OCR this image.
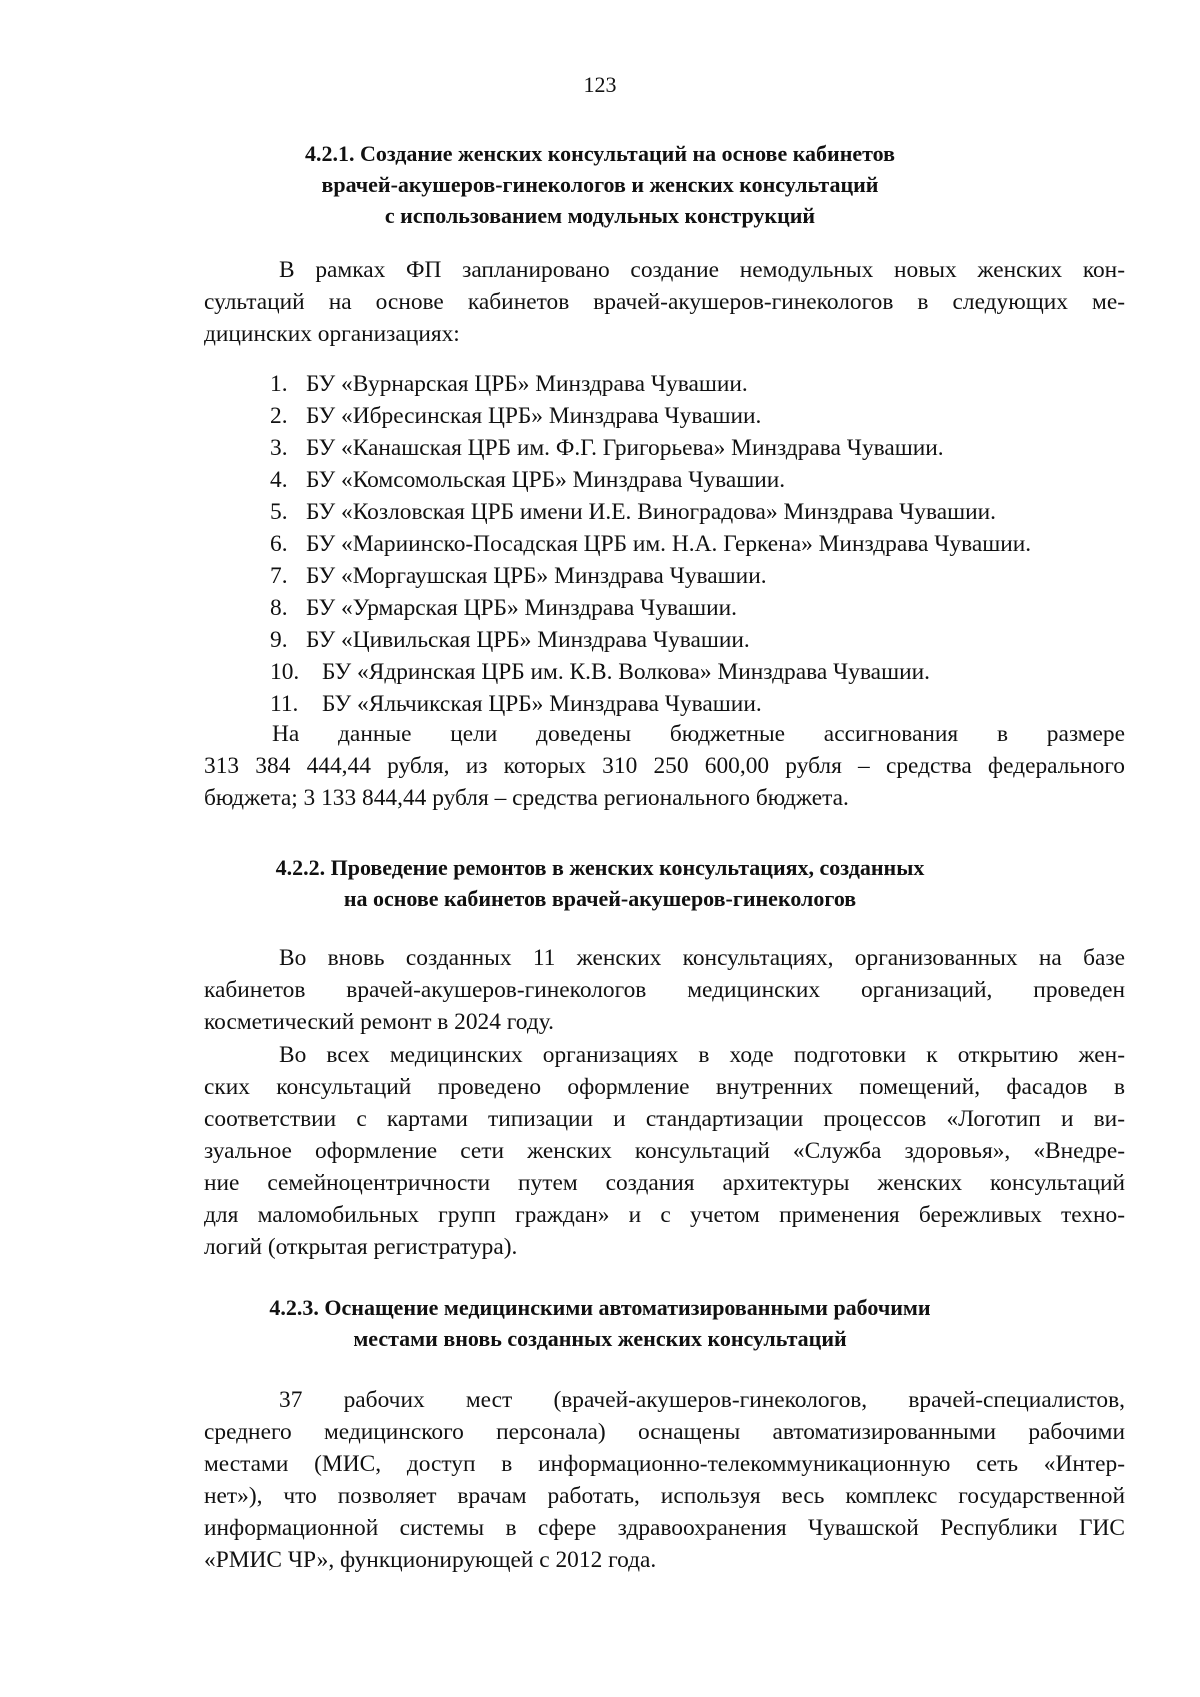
123
4.2.1. Создание женских консультаций на основе кабинетов
врачей-акушеров-гинекологов и женских консультаций
с использованием модульных конструкций

В рамках ФП запланировано создание немодульных новых женских кон-
сультаций на основе кабинетов врачей-акушеров-гинекологов в следующих ме-
дицинских организациях:

1. БУ «Вурнарская ЦРБ» Минздрава Чувашии.
2. БУ «Ибресинская ЦРБ» Минздрава Чувашии.
3. БУ «Канашская ЦРБ им. Ф.Г. Григорьева» Минздрава Чувашии.
4. БУ «Комсомольская ЦРБ» Минздрава Чувашии.
5. БУ «Козловская ЦРБ имени И.Е. Виноградова» Минздрава Чувашии.
6. БУ «Мариинско-Посадская ЦРБ им. Н.А. Геркена» Минздрава Чувашии.
7. БУ «Моргаушская ЦРБ» Минздрава Чувашии.
8. БУ «Урмарская ЦРБ» Минздрава Чувашии.
9. БУ «Цивильская ЦРБ» Минздрава Чувашии.
10. БУ «Ядринская ЦРБ им. К.В. Волкова» Минздрава Чувашии.
11. БУ «Яльчикская ЦРБ» Минздрава Чувашии.

На данные цели доведены бюджетные ассигнования в размере
313 384 444,44 рубля, из которых 310 250 600,00 рубля – средства федерального
бюджета; 3 133 844,44 рубля – средства регионального бюджета.

4.2.2. Проведение ремонтов в женских консультациях, созданных
на основе кабинетов врачей-акушеров-гинекологов

Во вновь созданных 11 женских консультациях, организованных на базе
кабинетов врачей-акушеров-гинекологов медицинских организаций, проведен
косметический ремонт в 2024 году.

Во всех медицинских организациях в ходе подготовки к открытию жен-
ских консультаций проведено оформление внутренних помещений, фасадов в
соответствии с картами типизации и стандартизации процессов «Логотип и ви-
зуальное оформление сети женских консультаций «Служба здоровья», «Внедре-
ние семейноцентричности путем создания архитектуры женских консультаций
для маломобильных групп граждан» и с учетом применения бережливых техно-
логий (открытая регистратура).

4.2.3. Оснащение медицинскими автоматизированными рабочими
местами вновь созданных женских консультаций

37 рабочих мест (врачей-акушеров-гинекологов, врачей-специалистов,
среднего медицинского персонала) оснащены автоматизированными рабочими
местами (МИС, доступ в информационно-телекоммуникационную сеть «Интер-
нет»), что позволяет врачам работать, используя весь комплекс государственной
информационной системы в сфере здравоохранения Чувашской Республики ГИС
«РМИС ЧР», функционирующей с 2012 года.
